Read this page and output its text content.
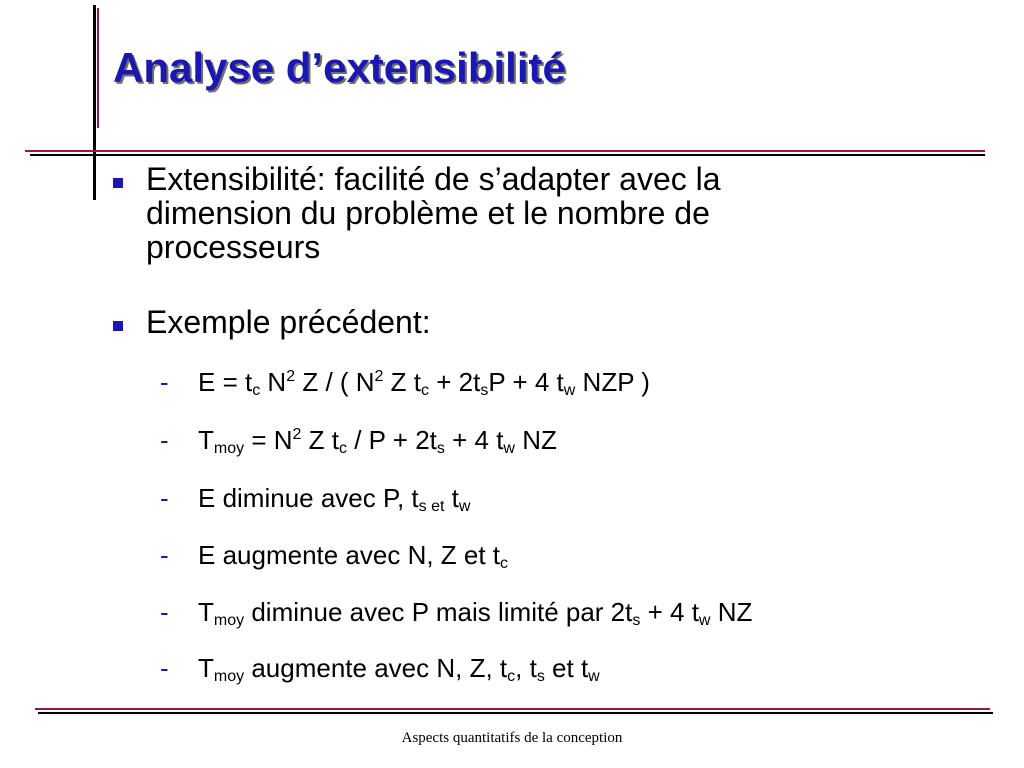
Analyse d’extensibilité
Extensibilité: facilité de s’adapter avec la
dimension du problème et le nombre de
processeurs
Exemple précédent:
- $E = t_c$ $N^2$ Z / ( $N^2$ Z $t_c + 2t_sP + 4$ $t_w$ NZP )
- $T_{moy} = N^2$ Z $t_c / P + 2t_s + 4$ $t_w$ NZ
- E diminue avec P, $t_{s et}$ $t_w$
- E augmente avec N, Z et $t_c$
- $T_{moy}$ diminue avec P mais limité par $2t_s + 4$ $t_w$ NZ
- $T_{moy}$ augmente avec N, Z, $t_c$, $t_s$ et $t_w$
Aspects quantitatifs de la conception
